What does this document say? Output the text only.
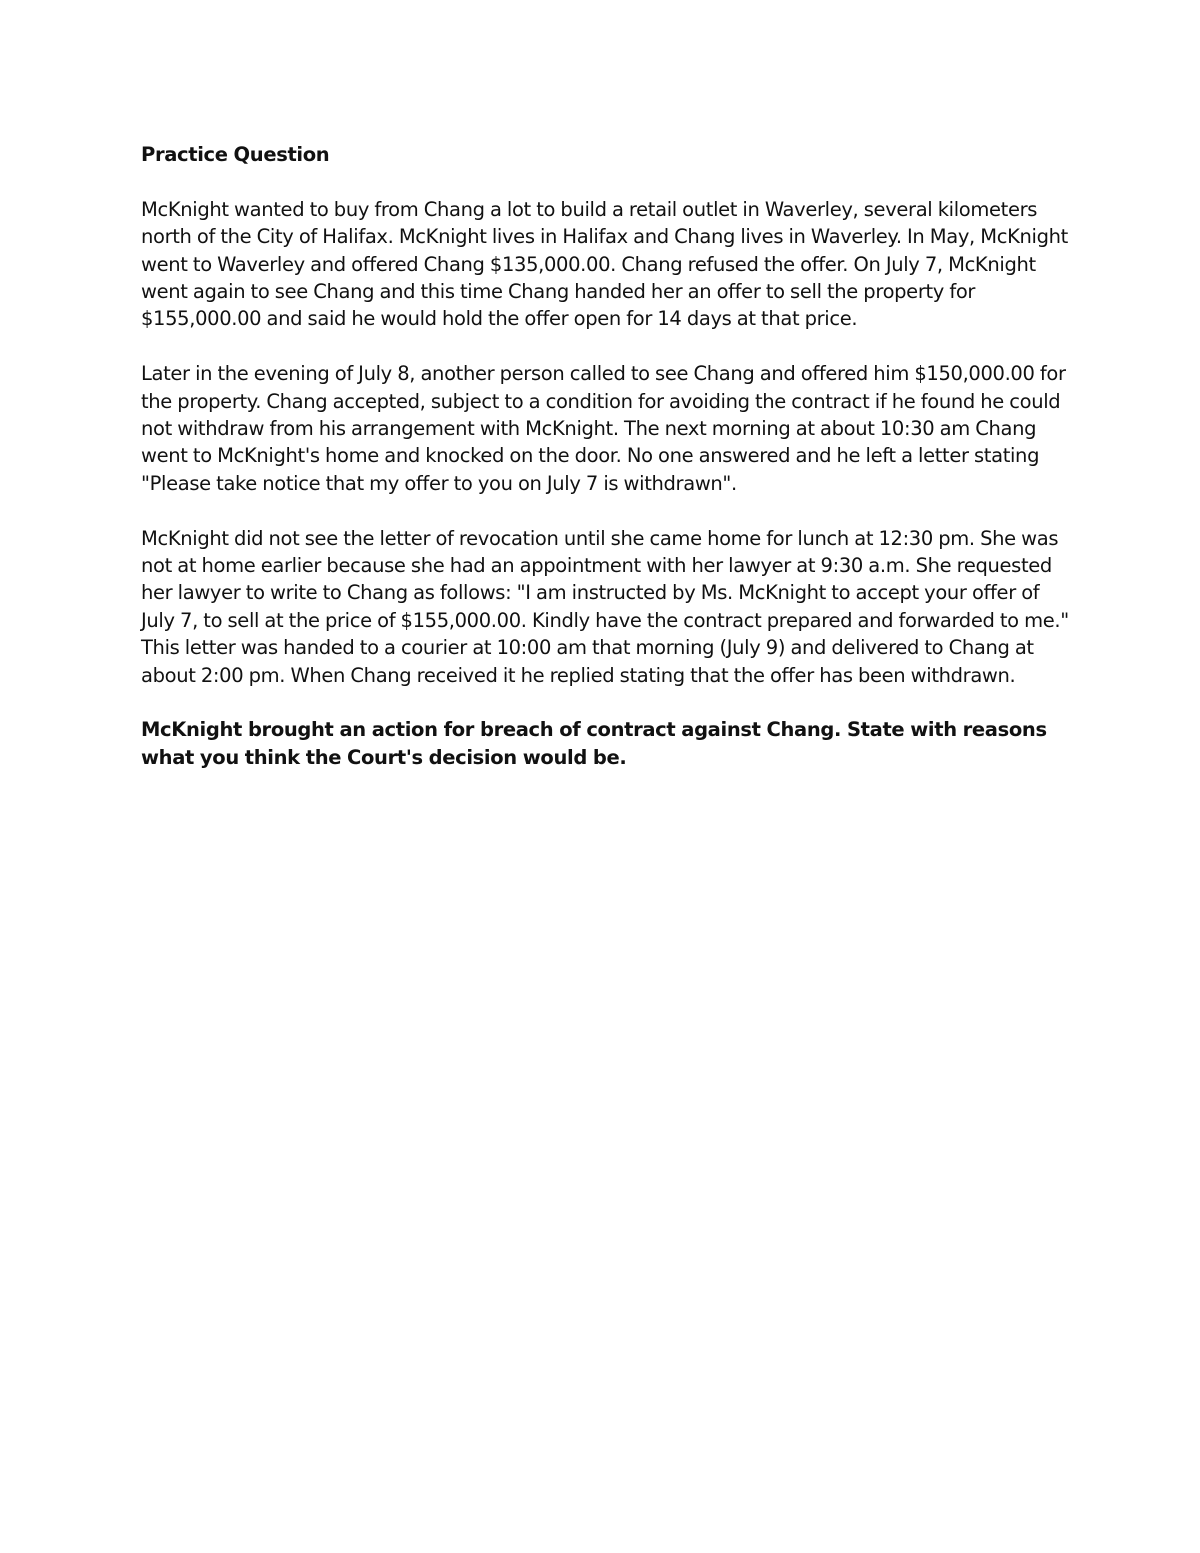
Practice Question

McKnight wanted to buy from Chang a lot to build a retail outlet in Waverley, several kilometers north of the City of Halifax. McKnight lives in Halifax and Chang lives in Waverley. In May, McKnight went to Waverley and offered Chang $135,000.00. Chang refused the offer. On July 7, McKnight went again to see Chang and this time Chang handed her an offer to sell the property for $155,000.00 and said he would hold the offer open for 14 days at that price.

Later in the evening of July 8, another person called to see Chang and offered him $150,000.00 for the property. Chang accepted, subject to a condition for avoiding the contract if he found he could not withdraw from his arrangement with McKnight. The next morning at about 10:30 am Chang went to McKnight's home and knocked on the door. No one answered and he left a letter stating "Please take notice that my offer to you on July 7 is withdrawn".

McKnight did not see the letter of revocation until she came home for lunch at 12:30 pm. She was not at home earlier because she had an appointment with her lawyer at 9:30 a.m. She requested her lawyer to write to Chang as follows: "I am instructed by Ms. McKnight to accept your offer of July 7, to sell at the price of $155,000.00. Kindly have the contract prepared and forwarded to me." This letter was handed to a courier at 10:00 am that morning (July 9) and delivered to Chang at about 2:00 pm. When Chang received it he replied stating that the offer has been withdrawn.

McKnight brought an action for breach of contract against Chang. State with reasons what you think the Court's decision would be.
